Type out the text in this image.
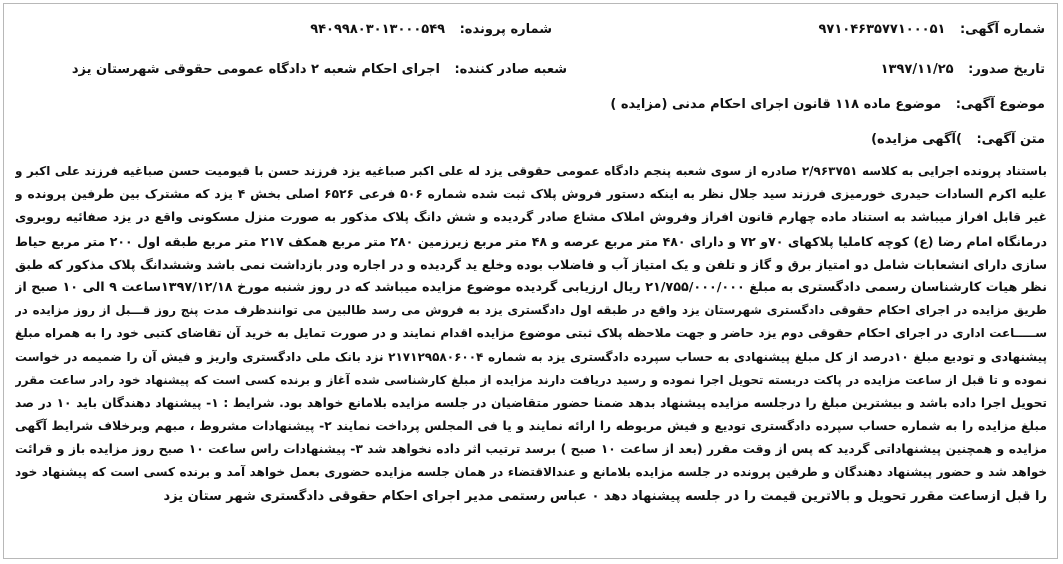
شماره آگهی: ۹۷۱۰۴۶۳۵۷۷۱۰۰۰۵۱
شماره پرونده: ۹۴۰۹۹۸۰۳۰۱۳۰۰۰۵۴۹
تاریخ صدور: ۱۳۹۷/۱۱/۲۵
شعبه صادر کننده: اجرای احکام شعبه ۲ دادگاه عمومی حقوقی شهرستان یزد
موضوع آگهی: موضوع ماده ۱۱۸ قانون اجرای احکام مدنی (مزایده )
متن آگهی: )آگهی مزایده)
باستناد پرونده اجرایی به کلاسه ۲/۹۶۳۷۵۱ صادره از سوی شعبه پنجم دادگاه عمومی حقوقی یزد له علی اکبر صباغیه یزد فرزند حسن با قیومیت حسن صباغیه فرزند علی اکبر و
علیه اکرم السادات حیدری خورمیزی فرزند سید جلال نظر به اینکه دستور فروش پلاک ثبت شده شماره ۵۰۶ فرعی ۶۵۲۶ اصلی بخش ۴ یزد که مشترک بین طرفین پرونده و
غیر قابل افراز میباشد به استناد ماده چهارم قانون افراز وفروش املاک مشاع صادر گردیده و شش دانگ پلاک مذکور به صورت منزل مسکونی واقع در یزد صفائیه روبروی
درمانگاه امام رضا (ع) کوچه کاملیا پلاکهای ۷۰و ۷۲ و دارای ۴۸۰ متر مربع عرصه و ۴۸ متر مربع زیرزمین ۲۸۰ متر مربع همکف ۲۱۷ متر مربع طبقه اول ۲۰۰ متر مربع حیاط
سازی دارای انشعابات شامل دو امتیاز برق و گاز و تلفن و یک امتیاز آب و فاضلاب بوده وخلع ید گردیده و در اجاره ودر بازداشت نمی باشد وششدانگ پلاک مذکور که طبق
نظر هیات کارشناسان رسمی دادگستری به مبلغ ۲۱/۷۵۵/۰۰۰/۰۰۰ ریال ارزیابی گردیده موضوع مزایده میباشد که در روز شنبه مورخ ۱۳۹۷/۱۲/۱۸ساعت ۹ الی ۱۰ صبح از
طریق مزایده در اجرای احکام حقوقی دادگستری شهرستان یزد واقع در طبقه اول دادگستری یزد به فروش می رسد طالبین می توانندظرف مدت پنج روز قـــبل از روز مزایده در
ســـــاعت اداری در اجرای احکام حقوقی دوم یزد حاضر و جهت ملاحظه پلاک ثبتی موضوع مزایده اقدام نمایند و در صورت تمایل به خرید آن تقاضای کتبی خود را به همراه مبلغ
پیشنهادی و تودیع مبلغ ۱۰درصد از کل مبلغ پیشنهادی به حساب سپرده دادگستری یزد به شماره ۲۱۷۱۲۹۵۸۰۶۰۰۴ نزد بانک ملی دادگستری واریز و فیش آن را ضمیمه در خواست
نموده و تا قبل از ساعت مزایده در پاکت دربسته تحویل اجرا نموده و رسید دریافت دارند مزایده از مبلغ کارشناسی شده آغاز و برنده کسی است که پیشنهاد خود رادر ساعت مقرر
تحویل اجرا داده باشد و بیشترین مبلغ را درجلسه مزایده پیشنهاد بدهد ضمنا حضور متقاضیان در جلسه مزایده بلامانع خواهد بود. شرایط : ۱- پیشنهاد دهندگان باید ۱۰ در صد
مبلغ مزایده را به شماره حساب سپرده دادگستری تودیع و فیش مربوطه را ارائه نمایند و یا فی المجلس پرداخت نمایند ۲- پیشنهادات مشروط ، مبهم وبرخلاف شرایط آگهی
مزایده و همچنین پیشنهاداتی گردید که پس از وقت مقرر (بعد از ساعت ۱۰ صبح ) برسد ترتیب اثر داده نخواهد شد ۳- پیشنهادات راس ساعت ۱۰ صبح روز مزایده باز و قرائت
خواهد شد و حضور پیشنهاد دهندگان و طرفین پرونده در جلسه مزایده بلامانع و عندالاقتضاء در همان جلسه مزایده حضوری بعمل خواهد آمد و برنده کسی است که پیشنهاد خود
را قبل ازساعت مقرر تحویل و بالاترین قیمت را در جلسه پیشنهاد دهد ۰ عباس رستمی مدیر اجرای احکام حقوقی دادگستری شهر ستان یزد
